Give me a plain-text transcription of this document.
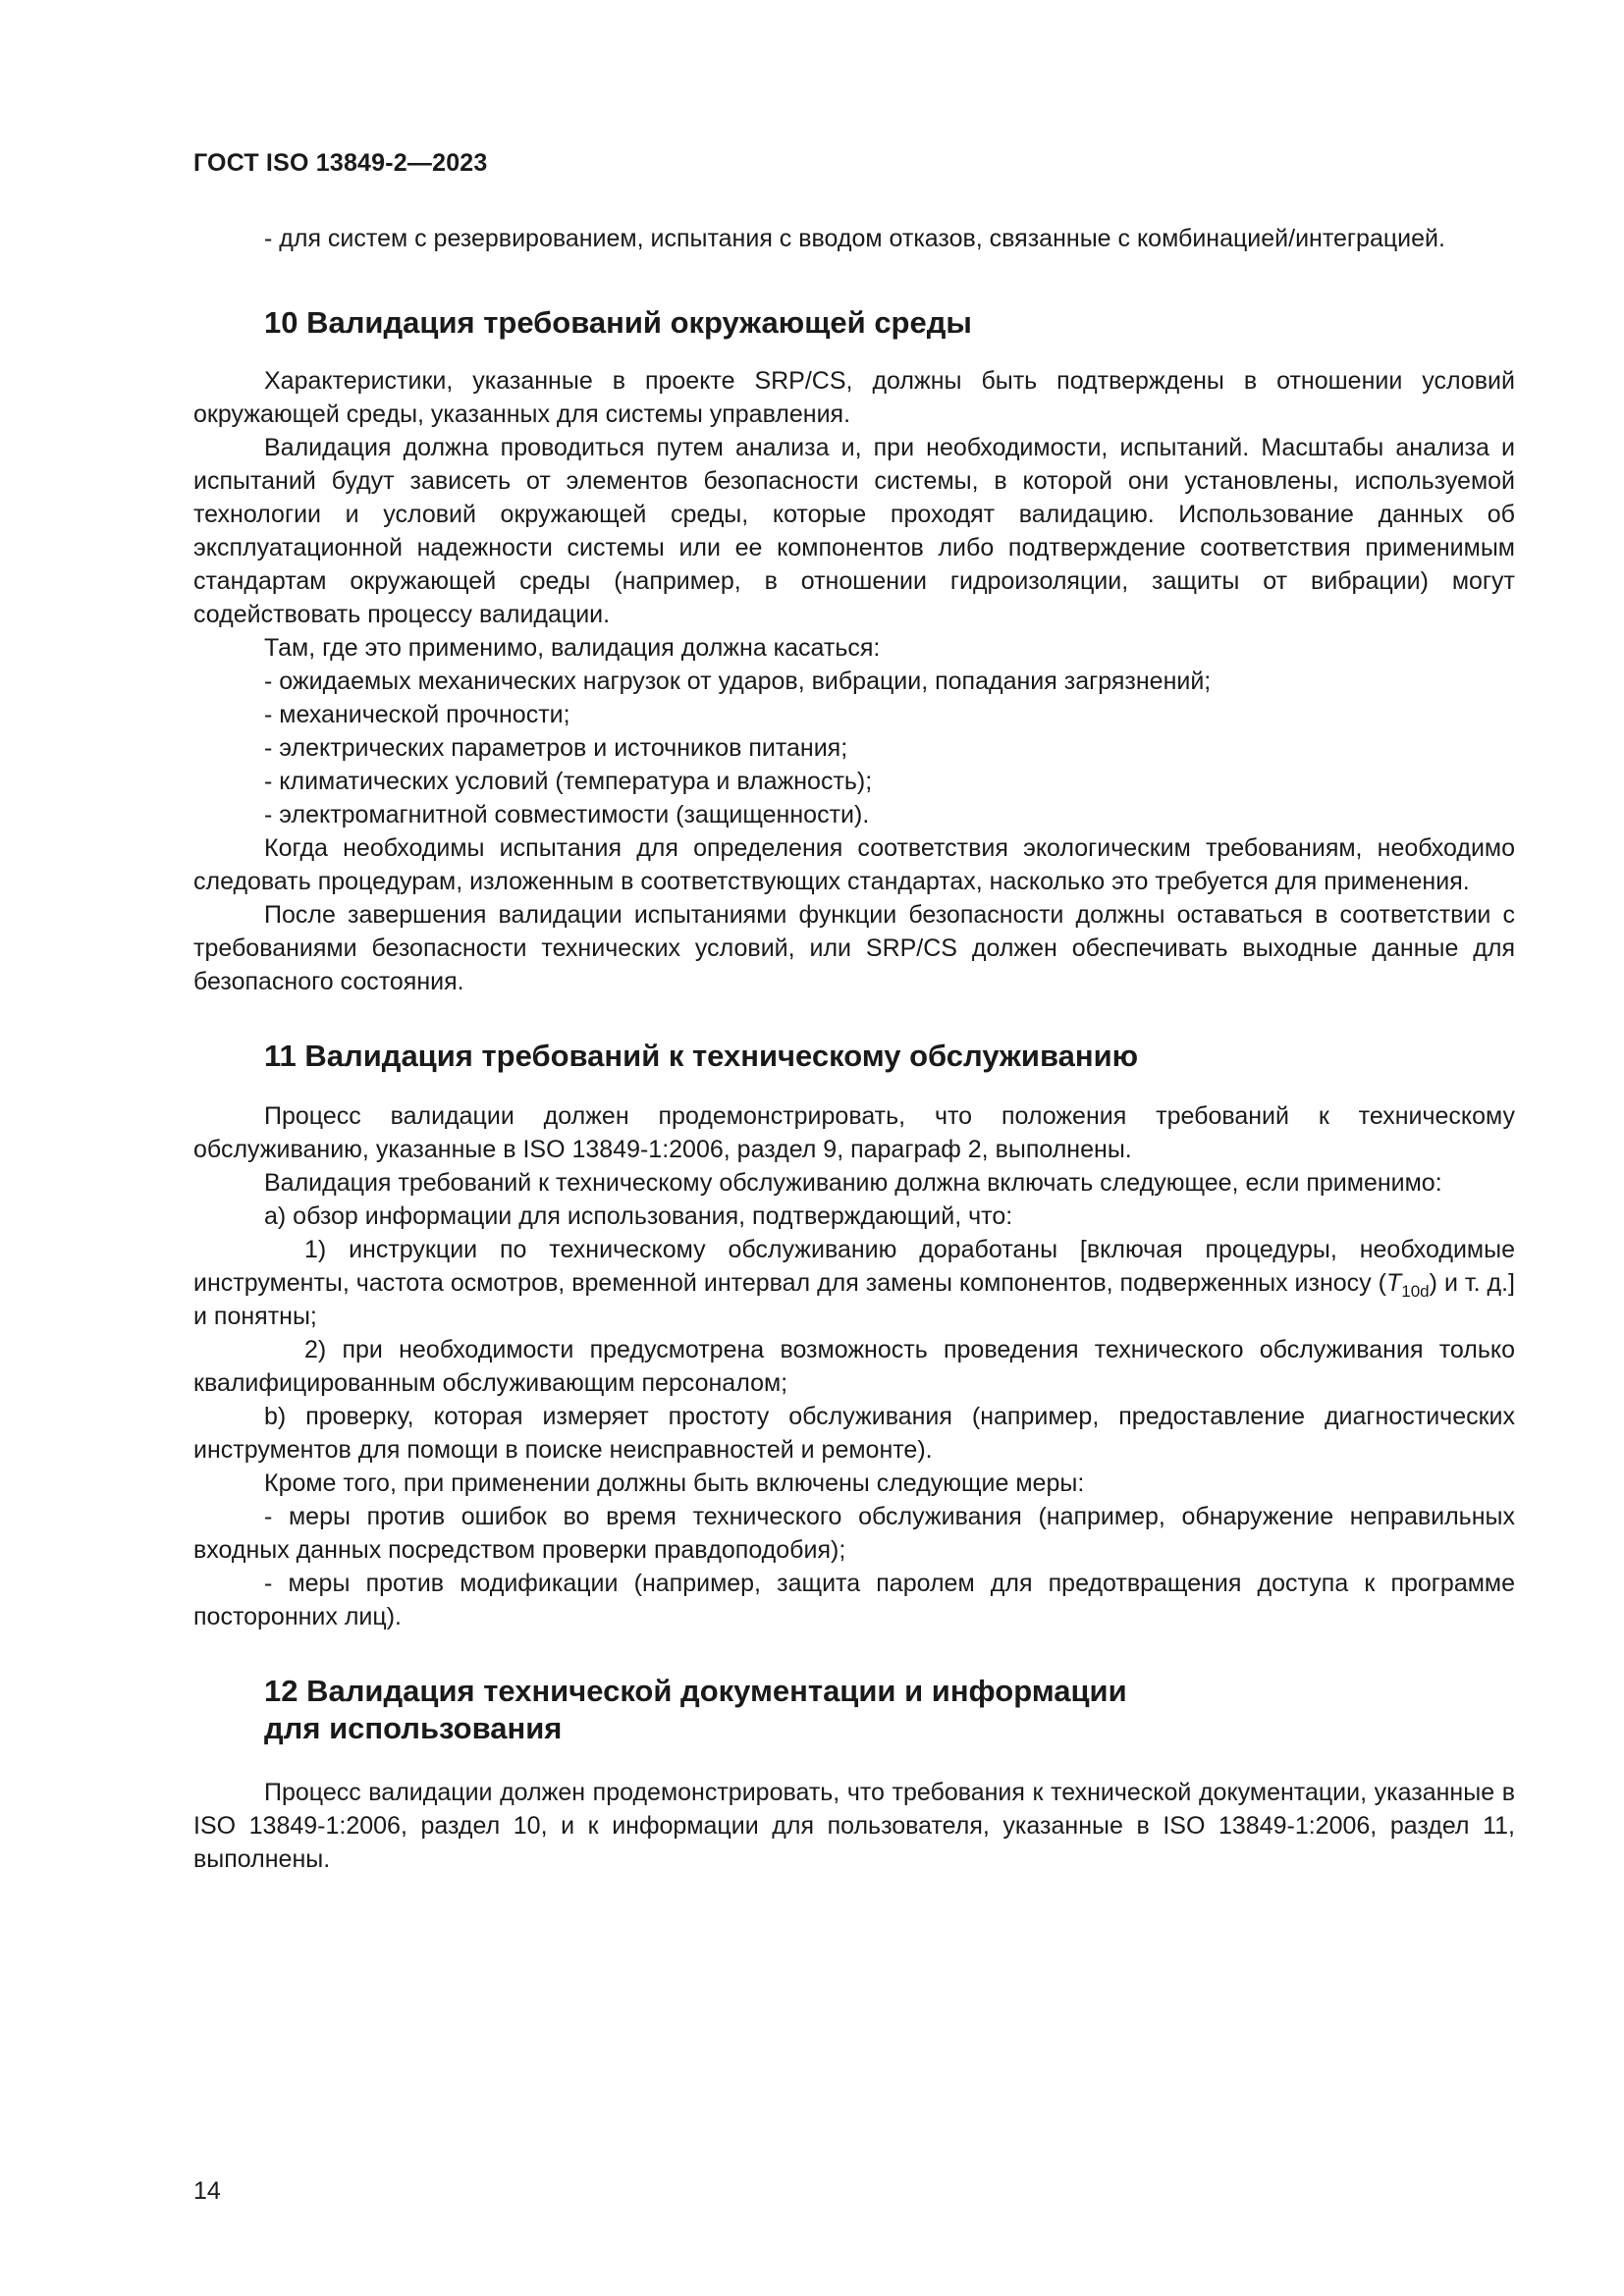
ГОСТ ISO 13849-2—2023

- для систем с резервированием, испытания с вводом отказов, связанные с комбинацией/интеграцией.

10 Валидация требований окружающей среды

Характеристики, указанные в проекте SRP/CS, должны быть подтверждены в отношении условий окружающей среды, указанных для системы управления.

Валидация должна проводиться путем анализа и, при необходимости, испытаний. Масштабы анализа и испытаний будут зависеть от элементов безопасности системы, в которой они установлены, используемой технологии и условий окружающей среды, которые проходят валидацию. Использование данных об эксплуатационной надежности системы или ее компонентов либо подтверждение соответствия применимым стандартам окружающей среды (например, в отношении гидроизоляции, защиты от вибрации) могут содействовать процессу валидации.

Там, где это применимо, валидация должна касаться:

- ожидаемых механических нагрузок от ударов, вибрации, попадания загрязнений;

- механической прочности;

- электрических параметров и источников питания;

- климатических условий (температура и влажность);

- электромагнитной совместимости (защищенности).

Когда необходимы испытания для определения соответствия экологическим требованиям, необходимо следовать процедурам, изложенным в соответствующих стандартах, насколько это требуется для применения.

После завершения валидации испытаниями функции безопасности должны оставаться в соответствии с требованиями безопасности технических условий, или SRP/CS должен обеспечивать выходные данные для безопасного состояния.

11 Валидация требований к техническому обслуживанию

Процесс валидации должен продемонстрировать, что положения требований к техническому обслуживанию, указанные в ISO 13849-1:2006, раздел 9, параграф 2, выполнены.

Валидация требований к техническому обслуживанию должна включать следующее, если применимо:

a) обзор информации для использования, подтверждающий, что:

1) инструкции по техническому обслуживанию доработаны [включая процедуры, необходимые инструменты, частота осмотров, временной интервал для замены компонентов, подверженных износу $(T_{10d})$ и т. д.] и понятны;

2) при необходимости предусмотрена возможность проведения технического обслуживания только квалифицированным обслуживающим персоналом;

b) проверку, которая измеряет простоту обслуживания (например, предоставление диагностических инструментов для помощи в поиске неисправностей и ремонте).

Кроме того, при применении должны быть включены следующие меры:

- меры против ошибок во время технического обслуживания (например, обнаружение неправильных входных данных посредством проверки правдоподобия);

- меры против модификации (например, защита паролем для предотвращения доступа к программе посторонних лиц).

12 Валидация технической документации и информации
для использования

Процесс валидации должен продемонстрировать, что требования к технической документации, указанные в ISO 13849-1:2006, раздел 10, и к информации для пользователя, указанные в ISO 13849-1:2006, раздел 11, выполнены.

14
